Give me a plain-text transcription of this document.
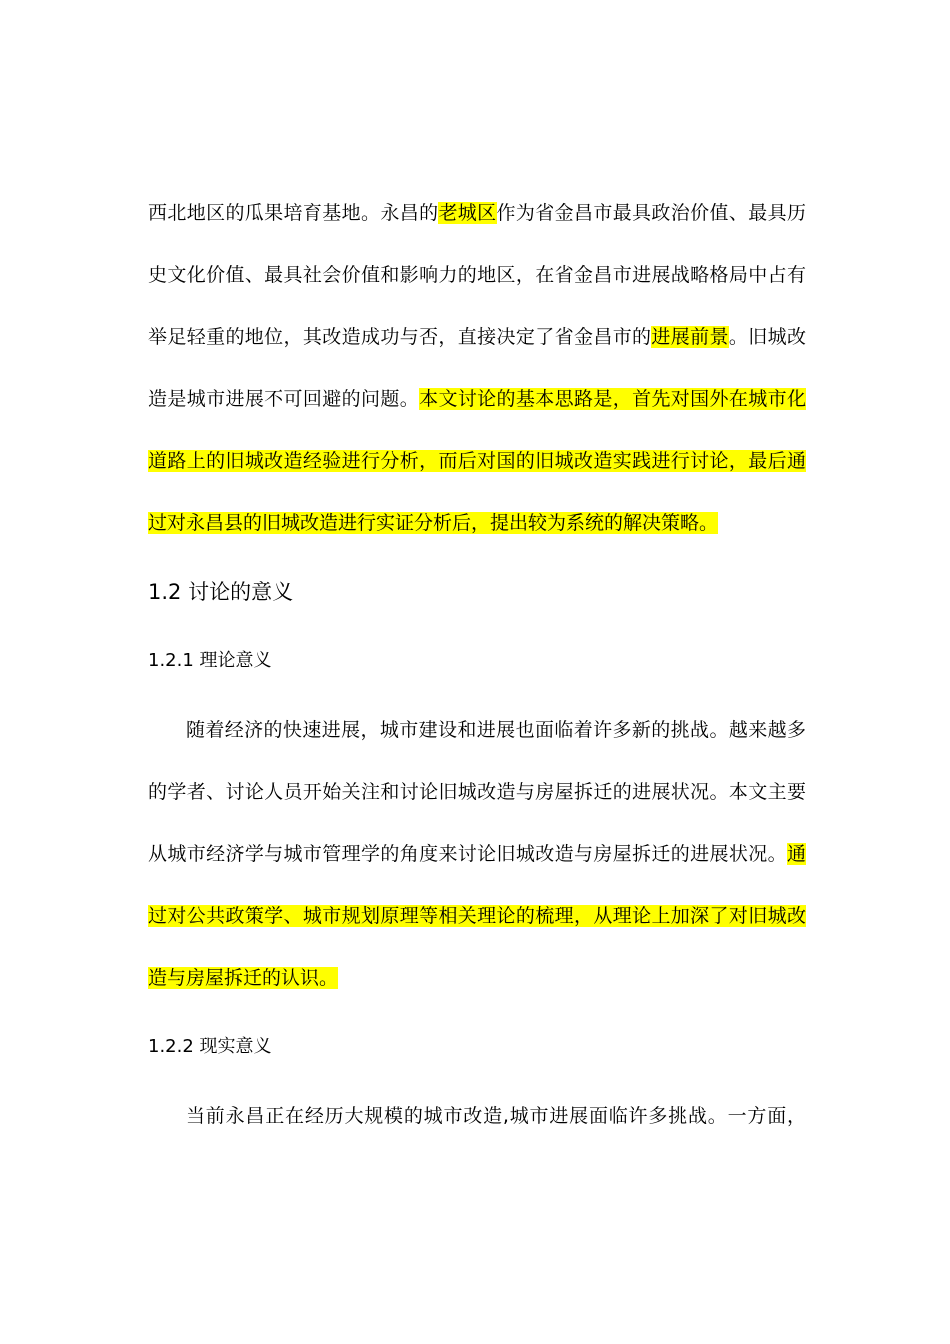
西北地区的瓜果培育基地。永昌的老城区作为省金昌市最具政治价值、最具历
史文化价值、最具社会价值和影响力的地区，在省金昌市进展战略格局中占有
举足轻重的地位，其改造成功与否，直接决定了省金昌市的进展前景。旧城改
造是城市进展不可回避的问题。本文讨论的基本思路是，首先对国外在城市化
道路上的旧城改造经验进行分析，而后对国的旧城改造实践进行讨论，最后通
过对永昌县的旧城改造进行实证分析后，提出较为系统的解决策略。
1.2 讨论的意义
1.2.1 理论意义
随着经济的快速进展，城市建设和进展也面临着许多新的挑战。越来越多
的学者、讨论人员开始关注和讨论旧城改造与房屋拆迁的进展状况。本文主要
从城市经济学与城市管理学的角度来讨论旧城改造与房屋拆迁的进展状况。通
过对公共政策学、城市规划原理等相关理论的梳理，从理论上加深了对旧城改
造与房屋拆迁的认识。
1.2.2 现实意义
当前永昌正在经历大规模的城市改造,城市进展面临许多挑战。一方面，
